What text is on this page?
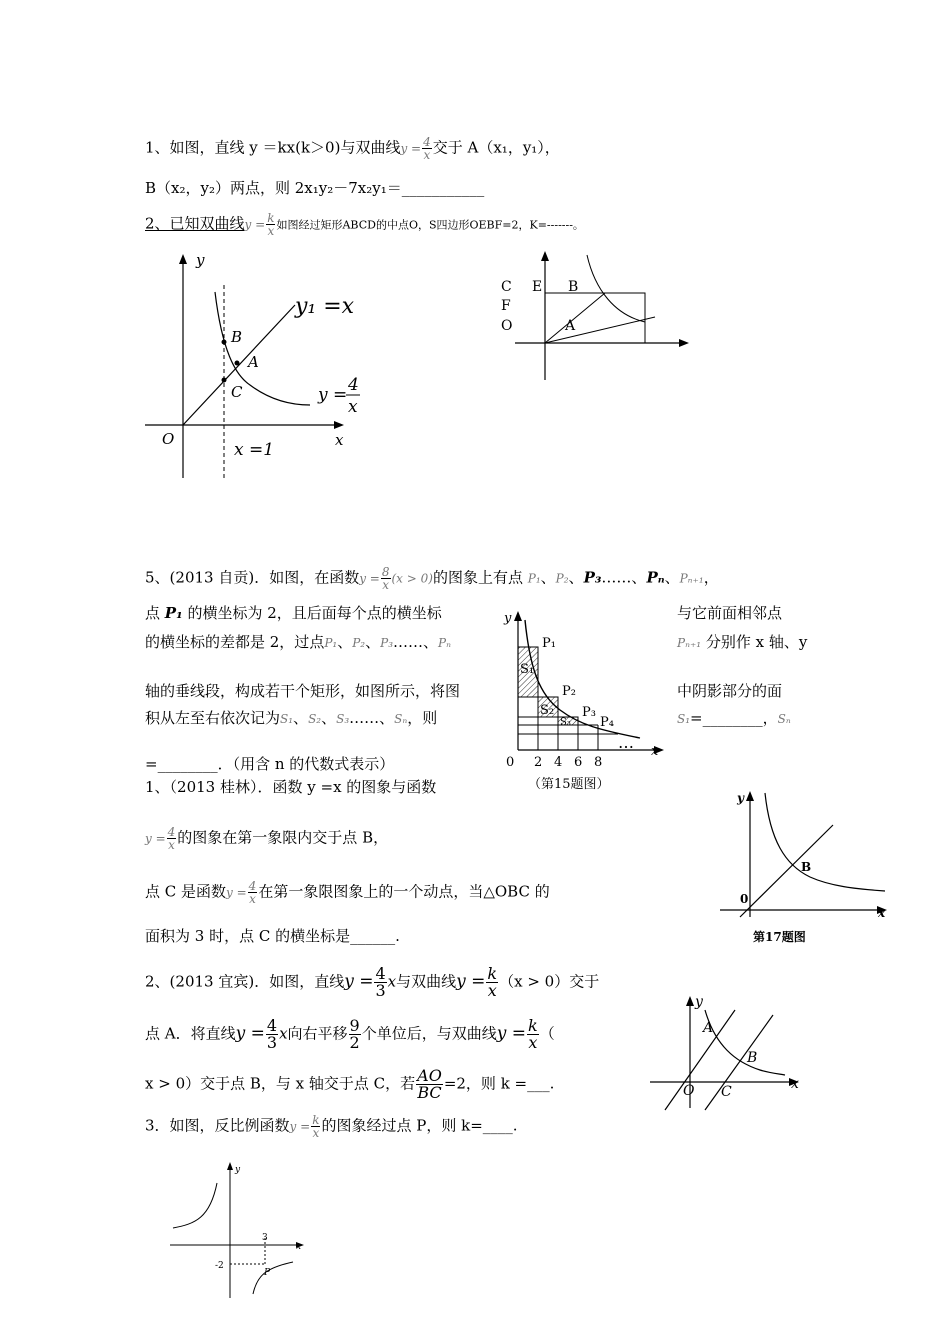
1、如图，直线 y ＝kx(k＞0)与双曲线$y = \frac{4}{x}$ 交于 A（x₁，y₁），
B（x₂，y₂）两点，则 2x₁y₂－7x₂y₁＝___________
2、已知双曲线$y = \frac{k}{x}$ 如图经过矩形ABCD的中点O，S四边形OEBF=2，K=-------。
y
x
O
y₁ =x
B
A
C	y = 4
x
x =1
C E B
F
O	A
5、(2013 自贡)．如图，在函数$y = \frac{8}{x} (x > 0)$的图象上有点 P₁、P₂、P₃……、Pₙ、Pₙ₊₁，
点 P₁ 的横坐标为 2，且后面每个点的横坐标	与它前面相邻点
的横坐标的差都是 2，过点P₁、P₂、P₃……、Pₙ	Pₙ₊₁ 分别作 x 轴、y
轴的垂线段，构成若干个矩形，如图所示，将图	中阴影部分的面
积从左至右依次记为S₁、S₂、S₃……、Sₙ，则	S₁=________，Sₙ
=________．（用含 n 的代数式表示）
P₁
P₂
P₃
P₄
S₁
S₂
S₃
…
y
x
0 2 4 6 8
（第15题图）
1、（2013 桂林）．函数 y =x 的图象与函数
$y = \frac{4}{x}$ 的图象在第一象限内交于点 B，
点 C 是函数$y = \frac{4}{x}$ 在第一象限图象上的一个动点，当△OBC 的
面积为 3 时，点 C 的横坐标是______.
y
x
0
B
第17题图
2、(2013 宜宾)．如图，直线$y = \frac{4}{3}$ x与双曲线$y = \frac{k}{x} (x > 0)$交于
点 A．将直线$y = \frac{4}{3}$ x向右平移 $\frac{9}{2}$ 个单位后，与双曲线$y = \frac{k}{x}$ （
x > 0）交于点 B，与 x 轴交于点 C，若 $\frac{AO}{BC} =2$，则 k =___.
y
x
O
A
B
C
3．如图，反比例函数$y = \frac{k}{x}$ 的图象经过点 P，则 k=____.
y
x
3
-2
P
